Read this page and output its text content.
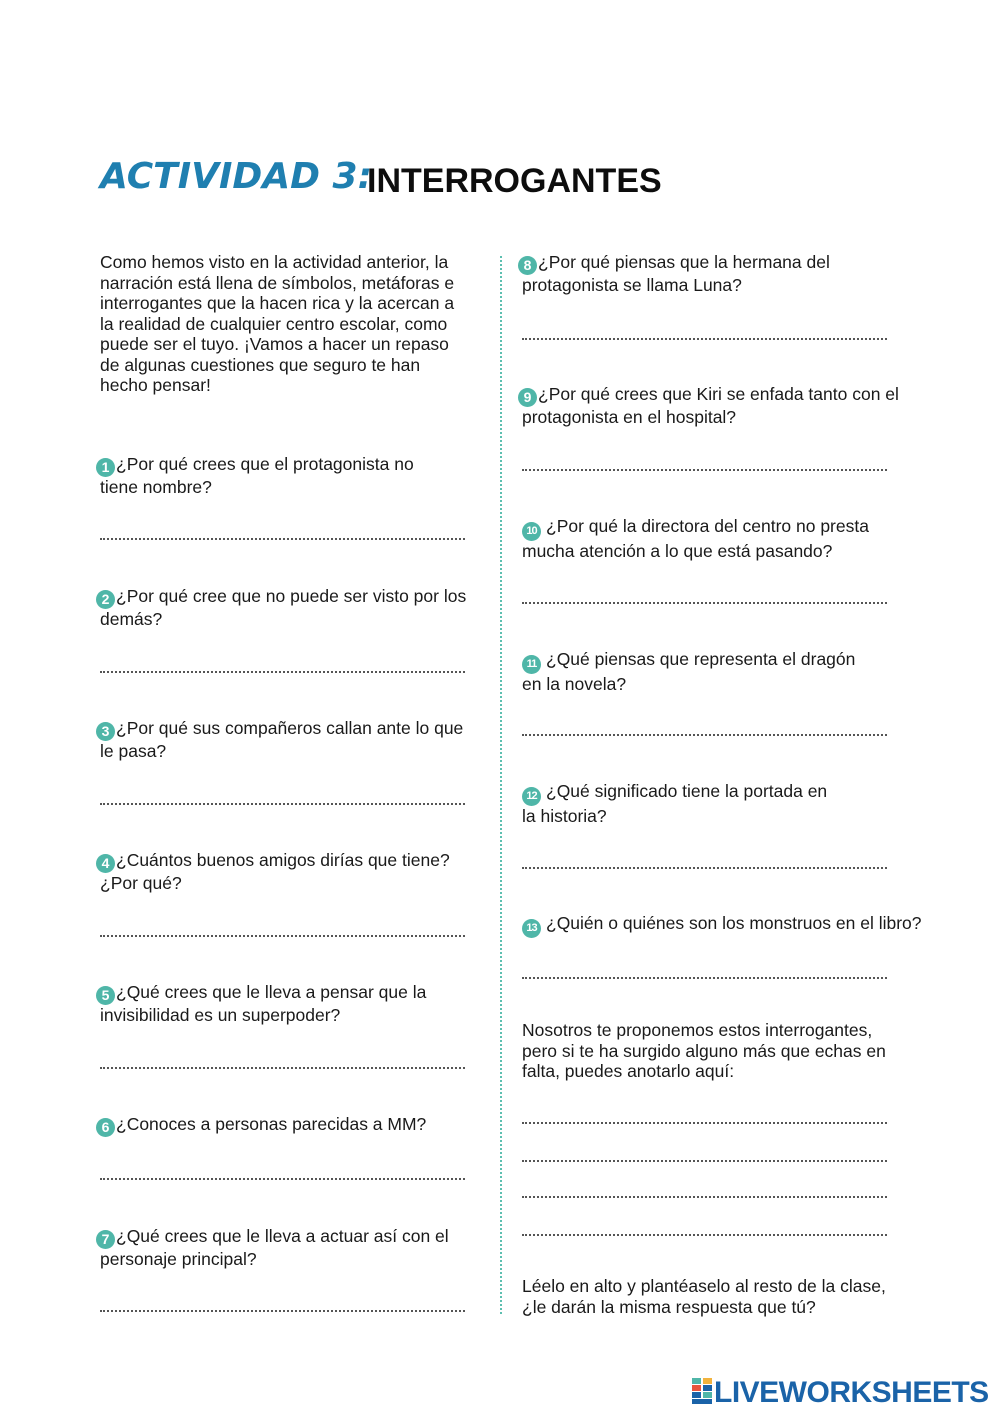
ACTIVIDAD 3:
INTERROGANTES
Como hemos visto en la actividad anterior, la narración está llena de símbolos, metáforas e interrogantes que la hacen rica y la acercan a la realidad de cualquier centro escolar, como puede ser el tuyo. ¡Vamos a hacer un repaso de algunas cuestiones que seguro te han hecho pensar!
1 ¿Por qué crees que el protagonista no
tiene nombre?
2 ¿Por qué cree que no puede ser visto por los
demás?
3 ¿Por qué sus compañeros callan ante lo que
le pasa?
4 ¿Cuántos buenos amigos dirías que tiene?
¿Por qué?
5 ¿Qué crees que le lleva a pensar que la
invisibilidad es un superpoder?
6 ¿Conoces a personas parecidas a MM?
7 ¿Qué crees que le lleva a actuar así con el
personaje principal?
8 ¿Por qué piensas que la hermana del
protagonista se llama Luna?
9 ¿Por qué crees que Kiri se enfada tanto con el
protagonista en el hospital?
10 ¿Por qué la directora del centro no presta
mucha atención a lo que está pasando?
11 ¿Qué piensas que representa el dragón
en la novela?
12 ¿Qué significado tiene la portada en
la historia?
13 ¿Quién o quiénes son los monstruos en el libro?
Nosotros te proponemos estos interrogantes, pero si te ha surgido alguno más que echas en falta, puedes anotarlo aquí:
Léelo en alto y plantéaselo al resto de la clase, ¿le darán la misma respuesta que tú?
LIVEWORKSHEETS
